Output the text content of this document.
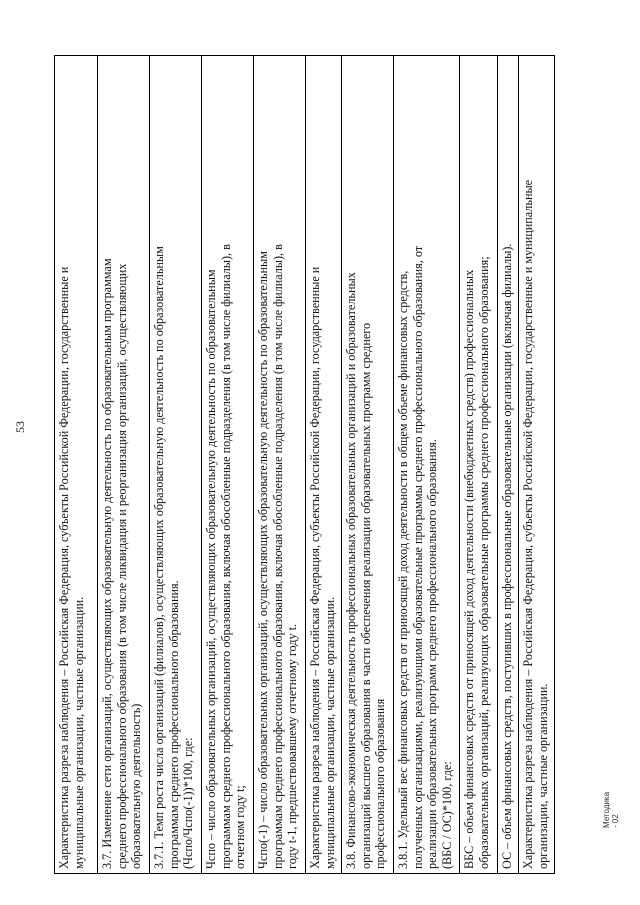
53 Характеристика разреза наблюдения – Российская Федерация, субъекты Российской Федерации, государственные и муниципальные организации, частные организации.

3.7. Изменение сети организаций, осуществляющих образовательную деятельность по образовательным программам среднего профессионального образования (в том числе ликвидация и реорганизация организаций, осуществляющих образовательную деятельность)

3.7.1. Темп роста числа организаций (филиалов), осуществляющих образовательную деятельность по образовательным программам среднего профессионального образования. (Чспо/Чспо(-1))*100, где:

Чспо – число образовательных организаций, осуществляющих образовательную деятельность по образовательным программам среднего профессионального образования, включая обособленные подразделения (в том числе филиалы), в отчетном году t;

Чспо(-1) – число образовательных организаций, осуществляющих образовательную деятельность по образовательным программам среднего профессионального образования, включая обособленные подразделения (в том числе филиалы), в году t-1, предшествовавшему отчетному году t.

Характеристика разреза наблюдения – Российская Федерация, субъекты Российской Федерации, государственные и муниципальные организации, частные организации.

3.8. Финансово-экономическая деятельность профессиональных образовательных организаций и образовательных организаций высшего образования в части обеспечения реализации образовательных программ среднего профессионального образования

3.8.1. Удельный вес финансовых средств от приносящей доход деятельности в общем объеме финансовых средств, полученных организациями, реализующими образовательные программы среднего профессионального образования, от реализации образовательных программ среднего профессионального образования. (ВБС / ОС)*100, где:

ВБС – объем финансовых средств от приносящей доход деятельности (внебюджетных средств) профессиональных образовательных организаций, реализующих образовательные программы среднего профессионального образования;

ОС – объем финансовых средств, поступивших в профессиональные образовательные организации (включая филиалы).

Характеристика разреза наблюдения – Российская Федерация, субъекты Российской Федерации, государственные и муниципальные организации, частные организации.	Методика - 02
